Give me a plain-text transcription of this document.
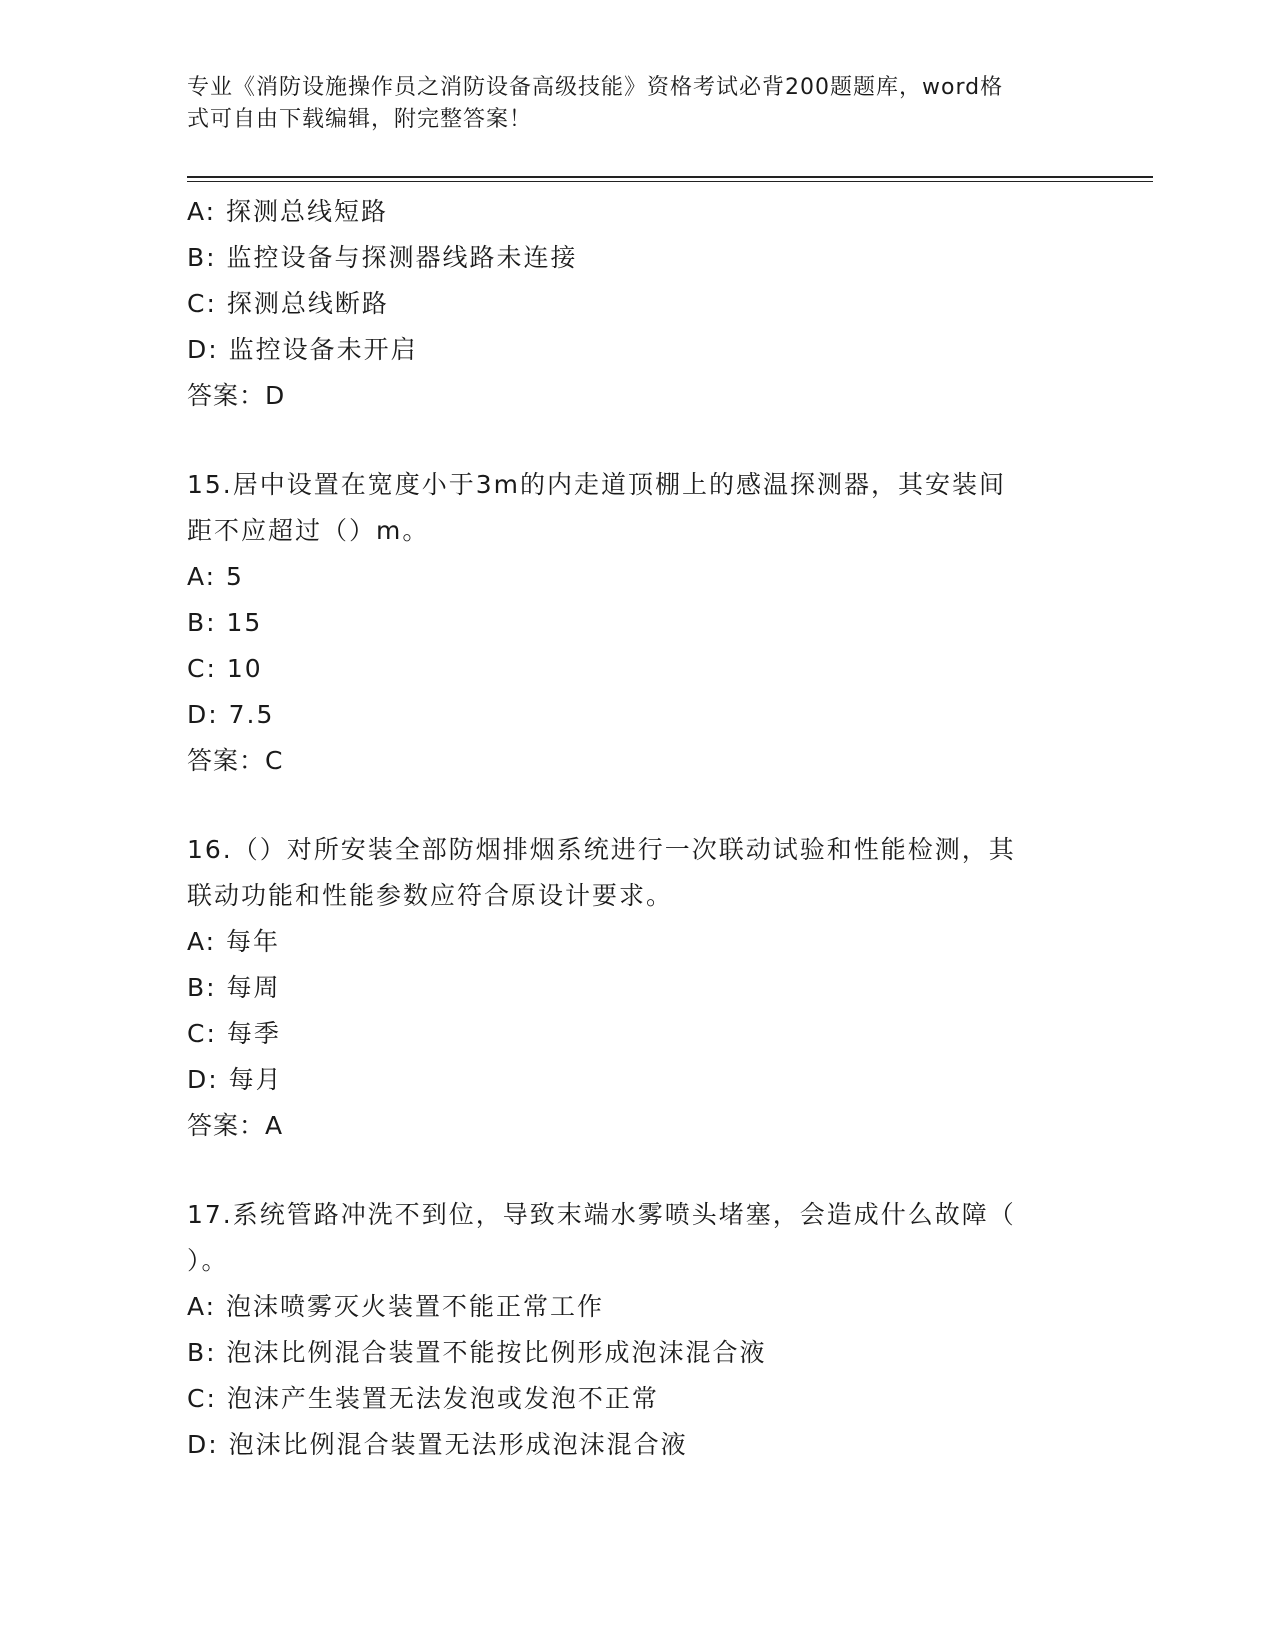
专业《消防设施操作员之消防设备高级技能》资格考试必背200题题库，word格
式可自由下载编辑，附完整答案！
A: 探测总线短路
B: 监控设备与探测器线路未连接
C: 探测总线断路
D: 监控设备未开启
答案：D
15.居中设置在宽度小于3m的内走道顶棚上的感温探测器，其安装间
距不应超过（）m。
A: 5
B: 15
C: 10
D: 7.5
答案：C
16.（）对所安装全部防烟排烟系统进行一次联动试验和性能检测，其
联动功能和性能参数应符合原设计要求。
A: 每年
B: 每周
C: 每季
D: 每月
答案：A
17.系统管路冲洗不到位，导致末端水雾喷头堵塞，会造成什么故障（
）。
A: 泡沫喷雾灭火装置不能正常工作
B: 泡沫比例混合装置不能按比例形成泡沫混合液
C: 泡沫产生装置无法发泡或发泡不正常
D: 泡沫比例混合装置无法形成泡沫混合液
